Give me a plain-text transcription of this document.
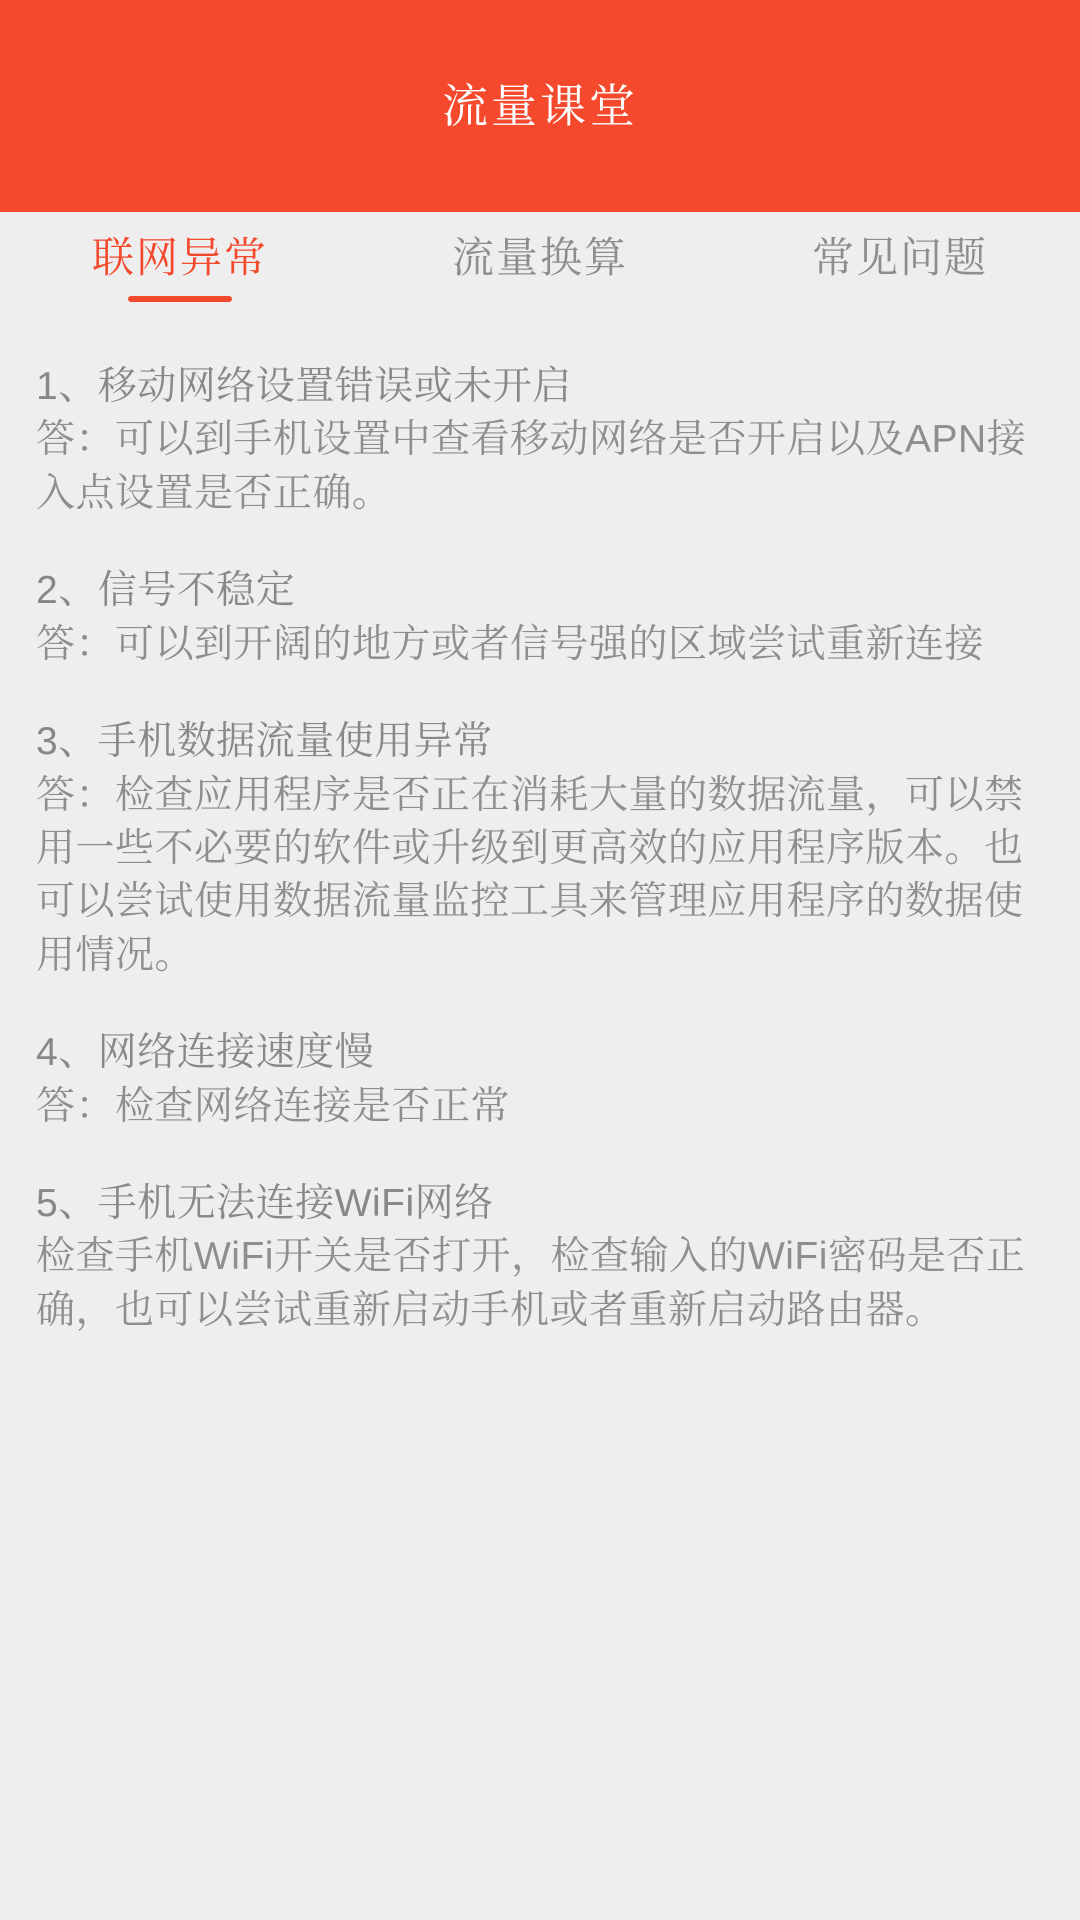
流量课堂
联网异常	流量换算	常见问题
1、移动网络设置错误或未开启
答：可以到手机设置中查看移动网络是否开启以及APN接入点设置是否正确。
2、信号不稳定
答：可以到开阔的地方或者信号强的区域尝试重新连接
3、手机数据流量使用异常
答：检查应用程序是否正在消耗大量的数据流量，可以禁用一些不必要的软件或升级到更高效的应用程序版本。也可以尝试使用数据流量监控工具来管理应用程序的数据使用情况。
4、网络连接速度慢
答：检查网络连接是否正常
5、手机无法连接WiFi网络
检查手机WiFi开关是否打开，检查输入的WiFi密码是否正确，也可以尝试重新启动手机或者重新启动路由器。
